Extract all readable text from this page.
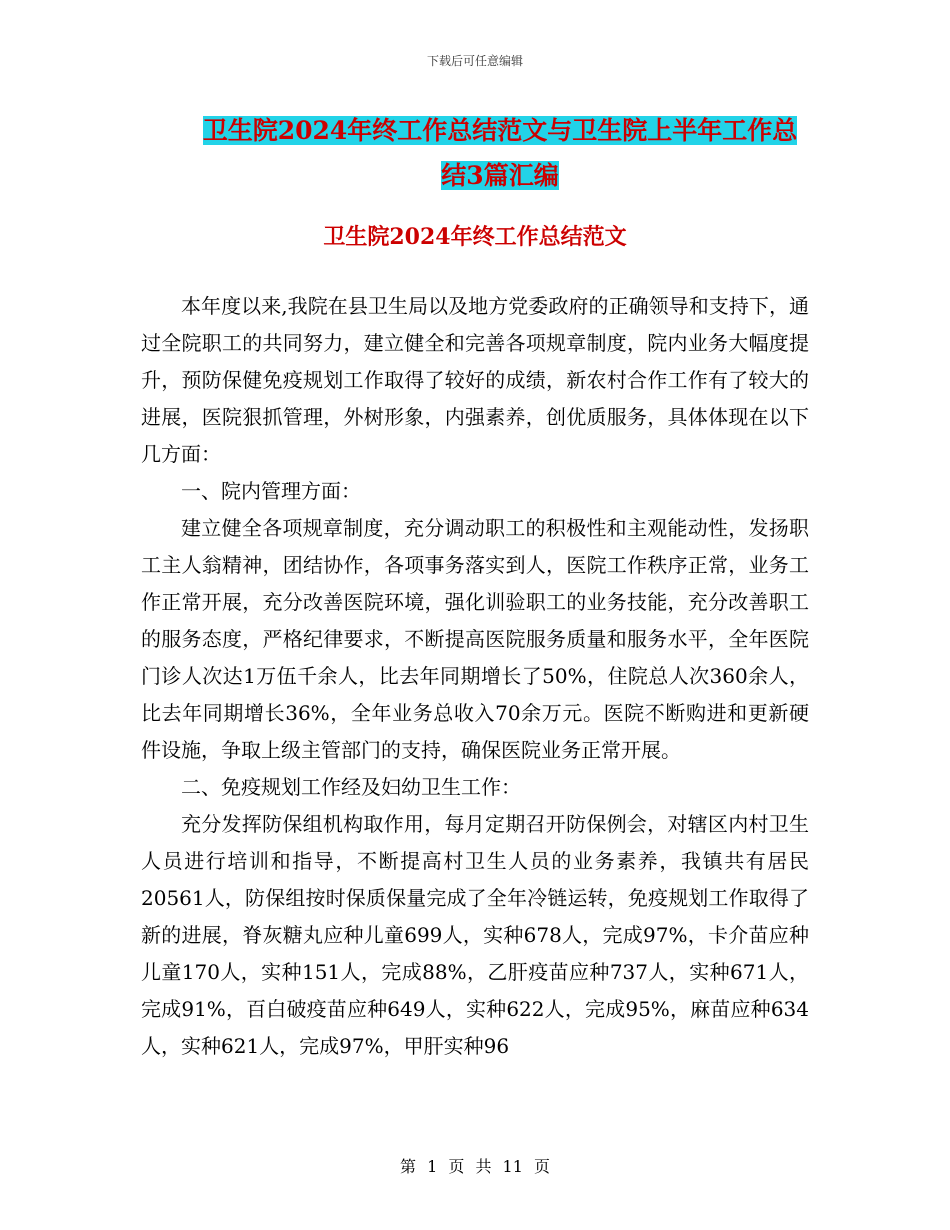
下载后可任意编辑
卫生院2024年终工作总结范文与卫生院上半年工作总
结3篇汇编
卫生院2024年终工作总结范文

本年度以来,我院在县卫生局以及地方党委政府的正确领导和支持下，通过全院职工的共同努力，建立健全和完善各项规章制度，院内业务大幅度提升，预防保健免疫规划工作取得了较好的成绩，新农村合作工作有了较大的进展，医院狠抓管理，外树形象，内强素养，创优质服务，具体体现在以下几方面：

一、院内管理方面：

建立健全各项规章制度，充分调动职工的积极性和主观能动性，发扬职工主人翁精神，团结协作，各项事务落实到人，医院工作秩序正常，业务工作正常开展，充分改善医院环境，强化训验职工的业务技能，充分改善职工的服务态度，严格纪律要求，不断提高医院服务质量和服务水平，全年医院门诊人次达1万伍千余人，比去年同期增长了50%，住院总人次360余人，比去年同期增长36%，全年业务总收入70余万元。医院不断购进和更新硬件设施，争取上级主管部门的支持，确保医院业务正常开展。

二、免疫规划工作经及妇幼卫生工作：

充分发挥防保组机构取作用，每月定期召开防保例会，对辖区内村卫生人员进行培训和指导，不断提高村卫生人员的业务素养，我镇共有居民20561人，防保组按时保质保量完成了全年冷链运转，免疫规划工作取得了新的进展，脊灰糖丸应种儿童699人，实种678人，完成97%，卡介苗应种儿童170人，实种151人，完成88%，乙肝疫苗应种737人，实种671人，完成91%，百白破疫苗应种649人，实种622人，完成95%，麻苗应种634人，实种621人，完成97%，甲肝实种96

第 1 页 共 11 页
